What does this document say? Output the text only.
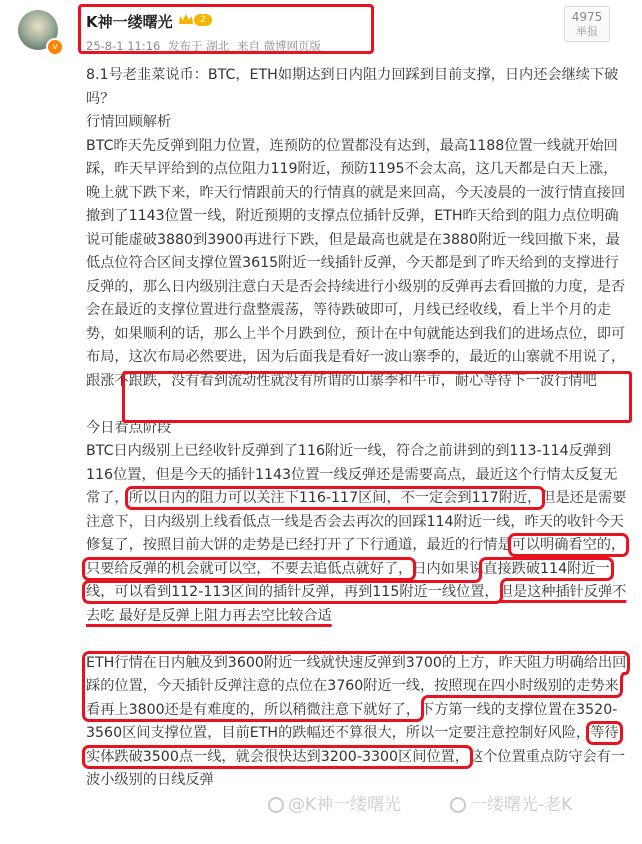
v
K神一缕曙光	2
25-8-1 11:16 发布于 湖北 来自 微博网页版
4975
举报

8.1号老韭菜说币：BTC，ETH如期达到日内阻力回踩到目前支撑，日内还会继续下破吗？

行情回顾解析

BTC昨天先反弹到阻力位置，连预防的位置都没有达到，最高1188位置一线就开始回踩，昨天早评给到的点位阻力119附近，预防1195不会太高，这几天都是白天上涨，晚上就下跌下来，昨天行情跟前天的行情真的就是来回高，今天凌晨的一波行情直接回撤到了1143位置一线，附近预期的支撑点位插针反弹，ETH昨天给到的阻力点位明确说可能虚破3880到3900再进行下跌，但是最高也就是在3880附近一线回撤下来，最低点位符合区间支撑位置3615附近一线插针反弹，今天都是到了昨天给到的支撑进行反弹的，那么日内级别注意白天是否会持续进行小级别的反弹再去看回撤的力度，是否会在最近的支撑位置进行盘整震荡，等待跌破即可，月线已经收线，看上半个月的走势，如果顺利的话，那么上半个月跌到位，预计在中旬就能达到我们的进场点位，即可布局，这次布局必然要进，因为后面我是看好一波山寨季的，最近的山寨就不用说了，跟涨不跟跌，没有看到流动性就没有所谓的山寨季和牛市，耐心等待下一波行情吧

今日看点阶段

BTC日内级别上已经收针反弹到了116附近一线，符合之前讲到的到113-114反弹到116位置，但是今天的插针1143位置一线反弹还是需要高点，最近这个行情太反复无常了，所以日内的阻力可以关注下116-117区间，不一定会到117附近，但是还是需要注意下，日内级别上线看低点一线是否会去再次的回踩114附近一线，昨天的收针今天修复了，按照目前大饼的走势是已经打开了下行通道，最近的行情是可以明确看空的，只要给反弹的机会就可以空，不要去追低点就好了，日内如果说直接跌破114附近一线，可以看到112-113区间的插针反弹，再到115附近一线位置，但是这种插针反弹不去吃 最好是反弹上阻力再去空比较合适

ETH行情在日内触及到3600附近一线就快速反弹到3700的上方，昨天阻力明确给出回踩的位置，今天插针反弹注意的点位在3760附近一线，按照现在四小时级别的走势来看再上3800还是有难度的，所以稍微注意下就好了，下方第一线的支撑位置在3520-3560区间支撑位置，目前ETH的跌幅还不算很大，所以一定要注意控制好风险，等待实体跌破3500点一线，就会很快达到3200-3300区间位置，这个位置重点防守会有一波小级别的日线反弹

@K神一缕曙光	一缕曙光-老K
